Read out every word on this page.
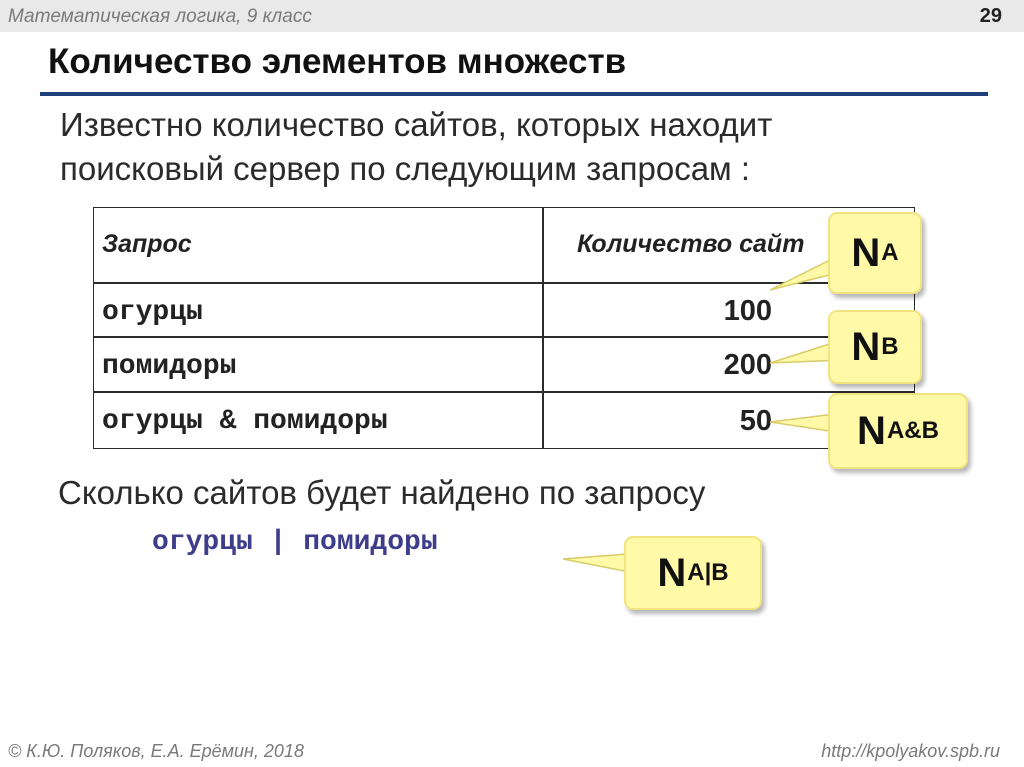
Математическая логика, 9 класс	29
Количество элементов множеств
Известно количество сайтов, которых находит
поисковый сервер по следующим запросам :
Запрос	Количество сайт
огурцы	100
помидоры	200
огурцы & помидоры	50
Сколько сайтов будет найдено по запросу
огурцы | помидоры
N A
N B
N A&B
N A|B
© К.Ю. Поляков, Е.А. Ерёмин, 2018	http://kpolyakov.spb.ru
